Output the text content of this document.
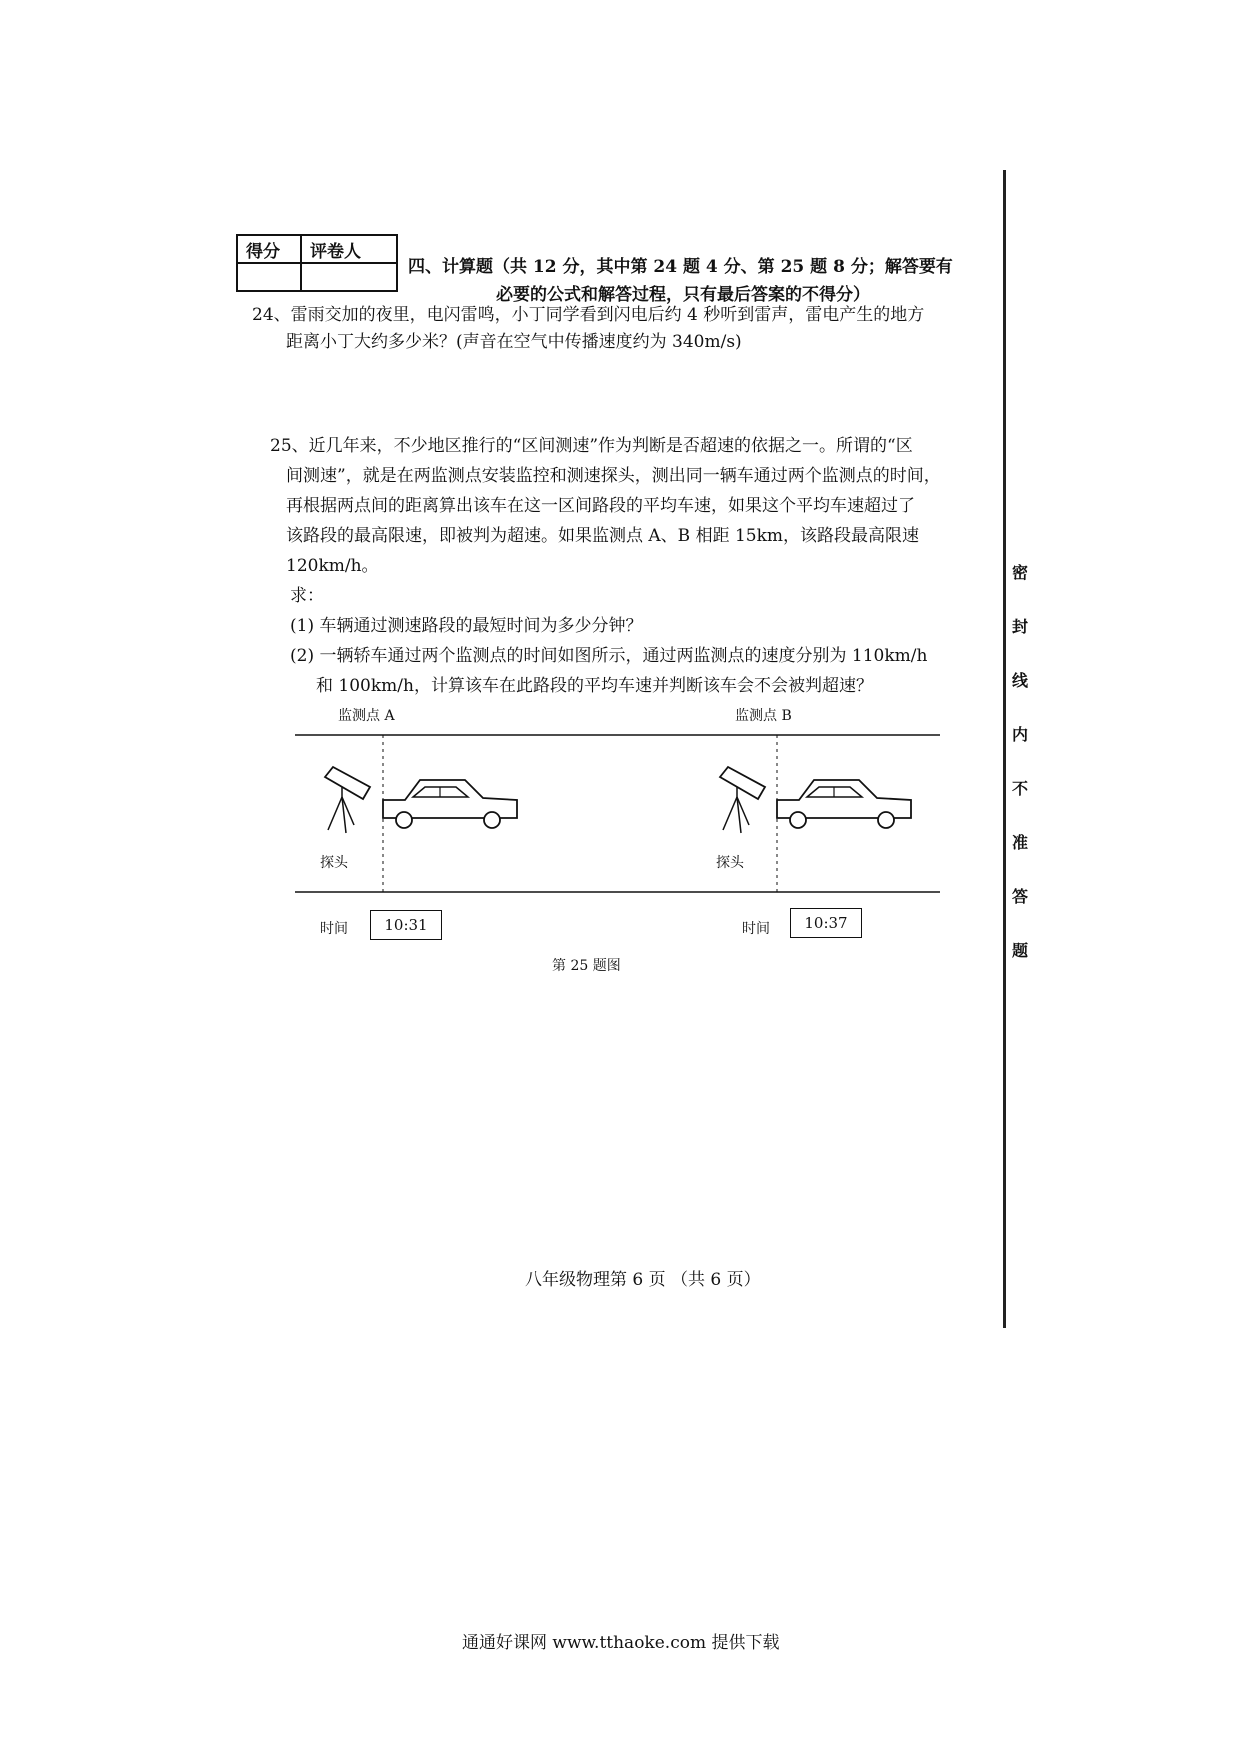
得分	评卷人

四、计算题（共 12 分，其中第 24 题 4 分、第 25 题 8 分；解答要有
必要的公式和解答过程，只有最后答案的不得分）
24、雷雨交加的夜里，电闪雷鸣，小丁同学看到闪电后约 4 秒听到雷声，雷电产生的地方
距离小丁大约多少米？(声音在空气中传播速度约为 340m/s)
25、近几年来，不少地区推行的“区间测速”作为判断是否超速的依据之一。所谓的“区
间测速”，就是在两监测点安装监控和测速探头，测出同一辆车通过两个监测点的时间，
再根据两点间的距离算出该车在这一区间路段的平均车速，如果这个平均车速超过了
该路段的最高限速，即被判为超速。如果监测点 A、B 相距 15km，该路段最高限速
120km/h。
求：
(1) 车辆通过测速路段的最短时间为多少分钟？
(2) 一辆轿车通过两个监测点的时间如图所示，通过两监测点的速度分别为 110km/h
和 100km/h，计算该车在此路段的平均车速并判断该车会不会被判超速？
监测点 A	监测点 B
探头	探头
时间	10:31	时间	10:37
第 25 题图
密
封
线
内
不
准
答
题
八年级物理第 6 页 （共 6 页）
通通好课网 www.tthaoke.com 提供下载
